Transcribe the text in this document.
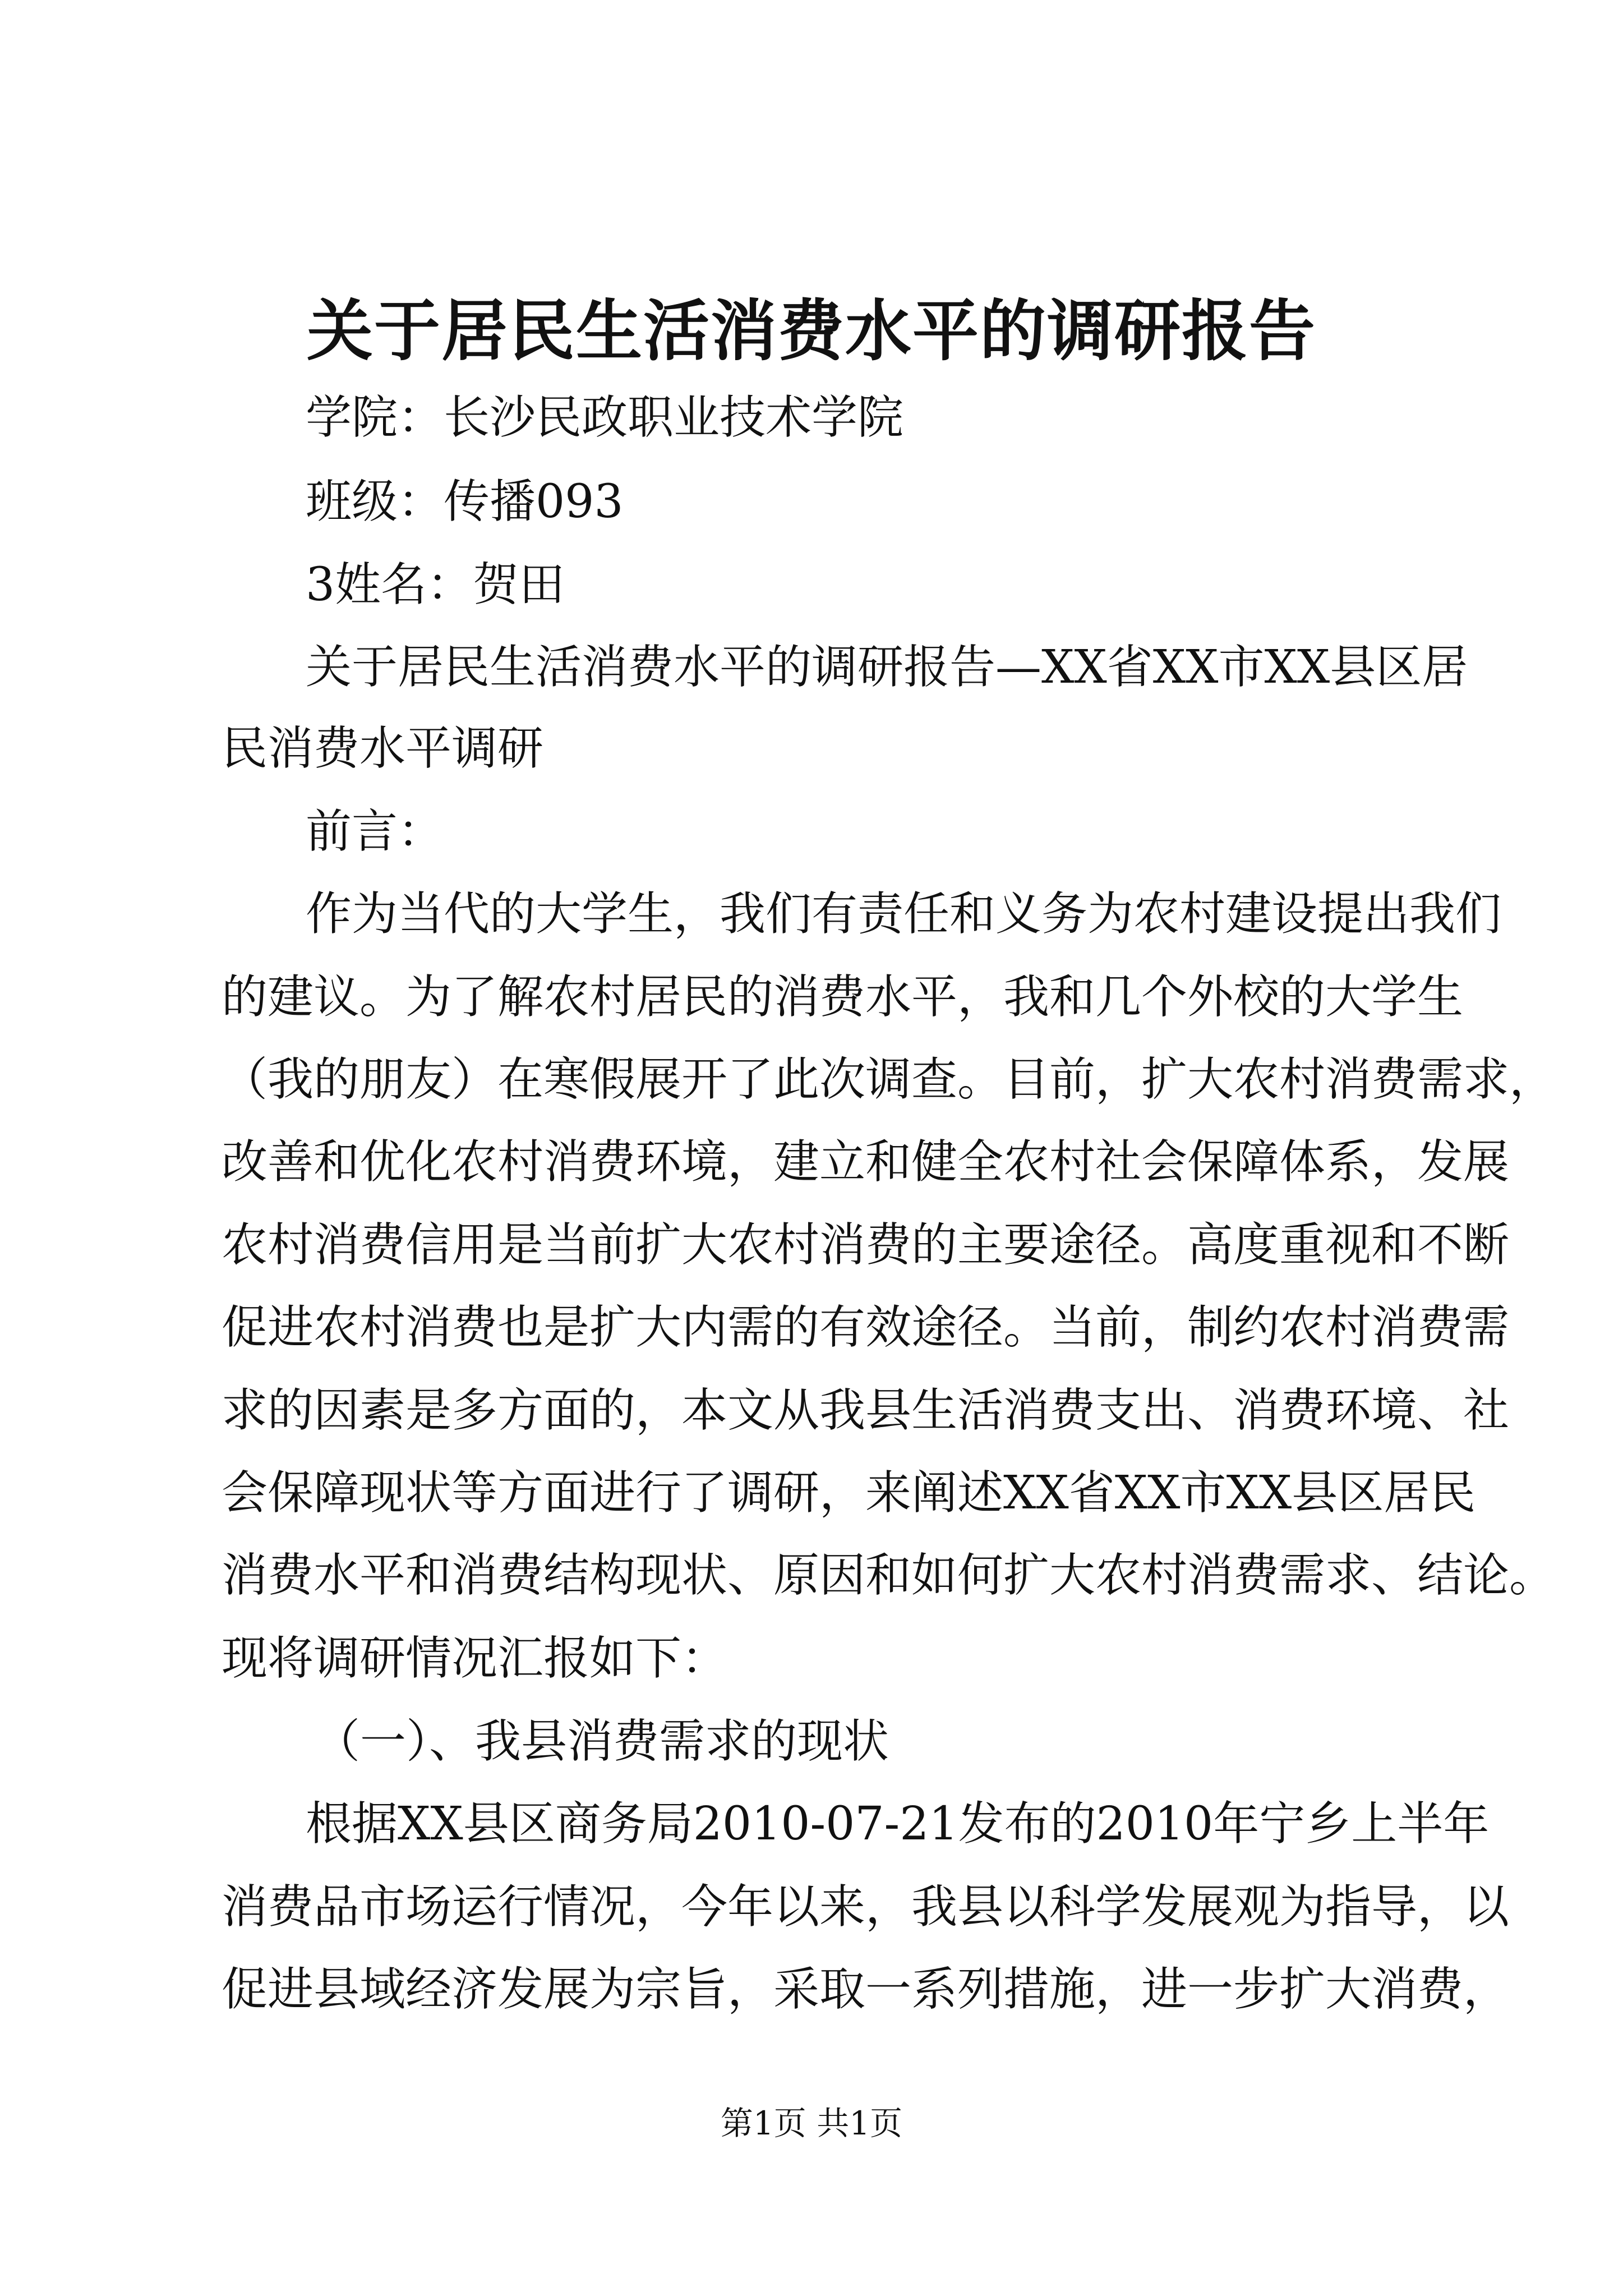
关于居民生活消费水平的调研报告
学院：长沙民政职业技术学院
班级：传播093
3姓名：贺田
关于居民生活消费水平的调研报告—XX省XX市XX县区居
民消费水平调研
前言：
作为当代的大学生，我们有责任和义务为农村建设提出我们
的建议。为了解农村居民的消费水平，我和几个外校的大学生
（我的朋友）在寒假展开了此次调查。目前，扩大农村消费需求，
改善和优化农村消费环境，建立和健全农村社会保障体系，发展
农村消费信用是当前扩大农村消费的主要途径。高度重视和不断
促进农村消费也是扩大内需的有效途径。当前，制约农村消费需
求的因素是多方面的，本文从我县生活消费支出、消费环境、社
会保障现状等方面进行了调研，来阐述XX省XX市XX县区居民
消费水平和消费结构现状、原因和如何扩大农村消费需求、结论。
现将调研情况汇报如下：
（一）、我县消费需求的现状
根据XX县区商务局2010-07-21发布的2010年宁乡上半年
消费品市场运行情况，今年以来，我县以科学发展观为指导，以
促进县域经济发展为宗旨，采取一系列措施，进一步扩大消费，
第1页 共1页
